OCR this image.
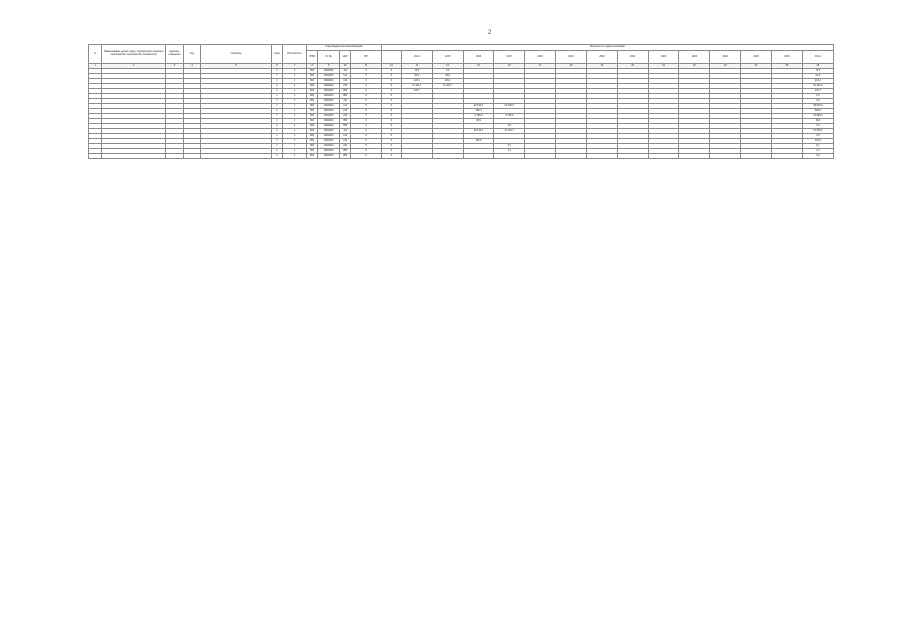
2
№	Наименование целей, задач, подпрограмм, основных мероприятий, мероприятий, показателей	Единица измерения	Код	Описание	Срок	Исполнитель	Коды бюджетной классификации				Значения по годам реализации														
							ГРБС	Рз Пр	ЦСР	ВР		2014	2015	2016	2017	2018	2019	2020	2021	2022	2023	2024	2025	2026	Итого
1	2	3	4	5	6	7	8	9	10	11	12	13	14	15	16	17	18	19	20	21	22	23	24	25	26
					1	1	802	0000000	111	0	0	13,5	0,0												13,5
					1	1	802	0000000	112	0	0	30,8	30,8												61,6
					1	1	802	0000000	119	0	0	120,1	120,1												240,2
					1	1	802	0000000	244	0	0	11 161,7	11 161,7												22 323,4
					1	1	802	0000000	852	0	0	140,7													140,7
					1	1	802	0000000	853	0	0														0,0
					1	1	802	0000000	111	0	0														0,0
					1	1	802	0000000	112	0	0			22 510,0	22 510,0										45 020,0
					1	1	802	0000000	119	0	0			398,4											398,4
					1	1	802	0000000	244	0	0			6 798,0	6 798,0										13 596,0
					1	1	802	0000000	852	0	0			48,9											48,9
					1	1	802	0000000	853	0	0				3,5										3,5
					1	1	802	0000000	111	0	0			30 143,4	27 401,7										57 545,1
					1	1	802	0000000	112	0	0														0,0
					1	1	802	0000000	119	0	0			102,6											102,6
					1	1	802	0000000	244	0	0				6,1										6,1
					1	1	802	0000000	852	0	0				1,0										1,0
					1	1	802	0000000	853	0	0														0,0
